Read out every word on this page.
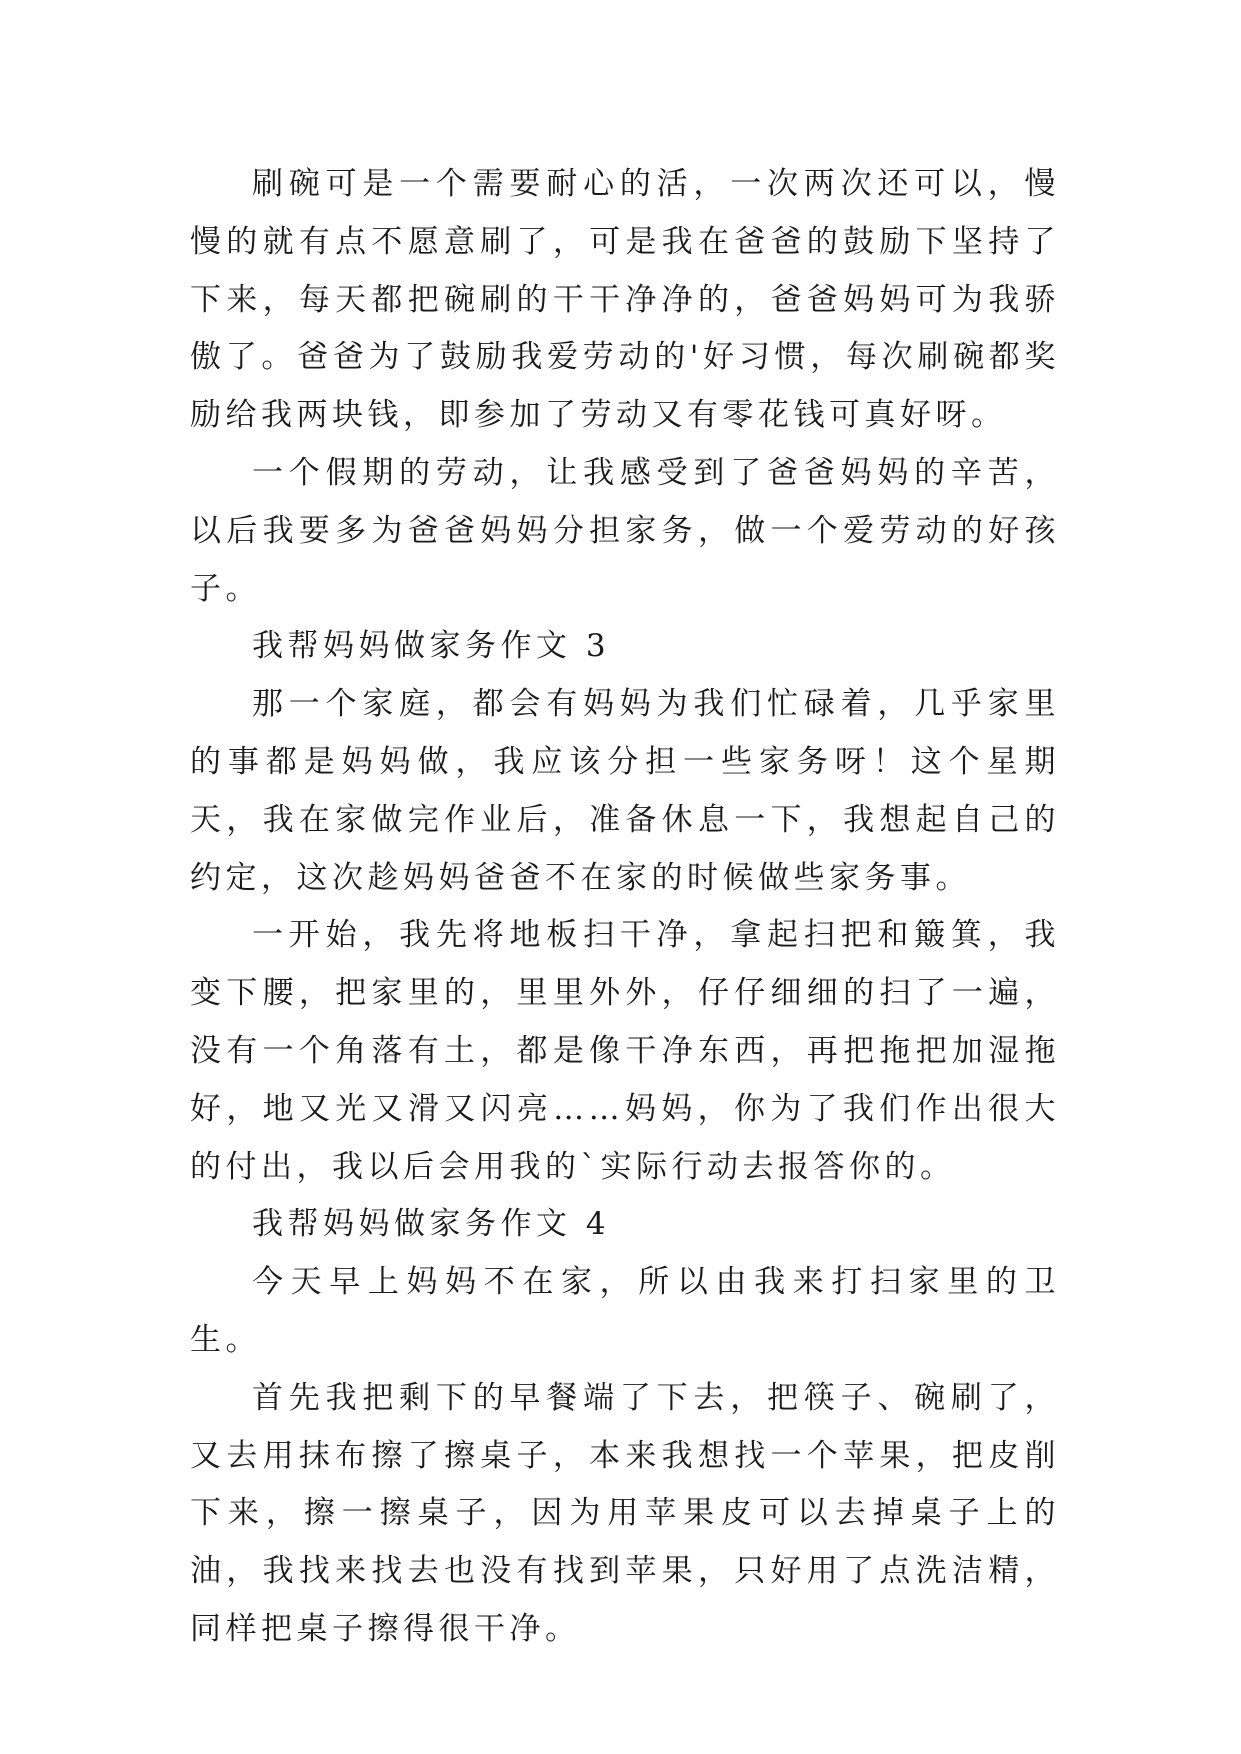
刷碗可是一个需要耐心的活，一次两次还可以，慢慢的就有点不愿意刷了，可是我在爸爸的鼓励下坚持了下来，每天都把碗刷的干干净净的，爸爸妈妈可为我骄傲了。爸爸为了鼓励我爱劳动的'好习惯，每次刷碗都奖励给我两块钱，即参加了劳动又有零花钱可真好呀。

一个假期的劳动，让我感受到了爸爸妈妈的辛苦，以后我要多为爸爸妈妈分担家务，做一个爱劳动的好孩子。

我帮妈妈做家务作文 3

那一个家庭，都会有妈妈为我们忙碌着，几乎家里的事都是妈妈做，我应该分担一些家务呀！这个星期天，我在家做完作业后，准备休息一下，我想起自己的约定，这次趁妈妈爸爸不在家的时候做些家务事。

一开始，我先将地板扫干净，拿起扫把和簸箕，我变下腰，把家里的，里里外外，仔仔细细的扫了一遍，没有一个角落有土，都是像干净东西，再把拖把加湿拖好，地又光又滑又闪亮……妈妈，你为了我们作出很大的付出，我以后会用我的`实际行动去报答你的。

我帮妈妈做家务作文 4

今天早上妈妈不在家，所以由我来打扫家里的卫生。

首先我把剩下的早餐端了下去，把筷子、碗刷了，又去用抹布擦了擦桌子，本来我想找一个苹果，把皮削下来，擦一擦桌子，因为用苹果皮可以去掉桌子上的油，我找来找去也没有找到苹果，只好用了点洗洁精，同样把桌子擦得很干净。
